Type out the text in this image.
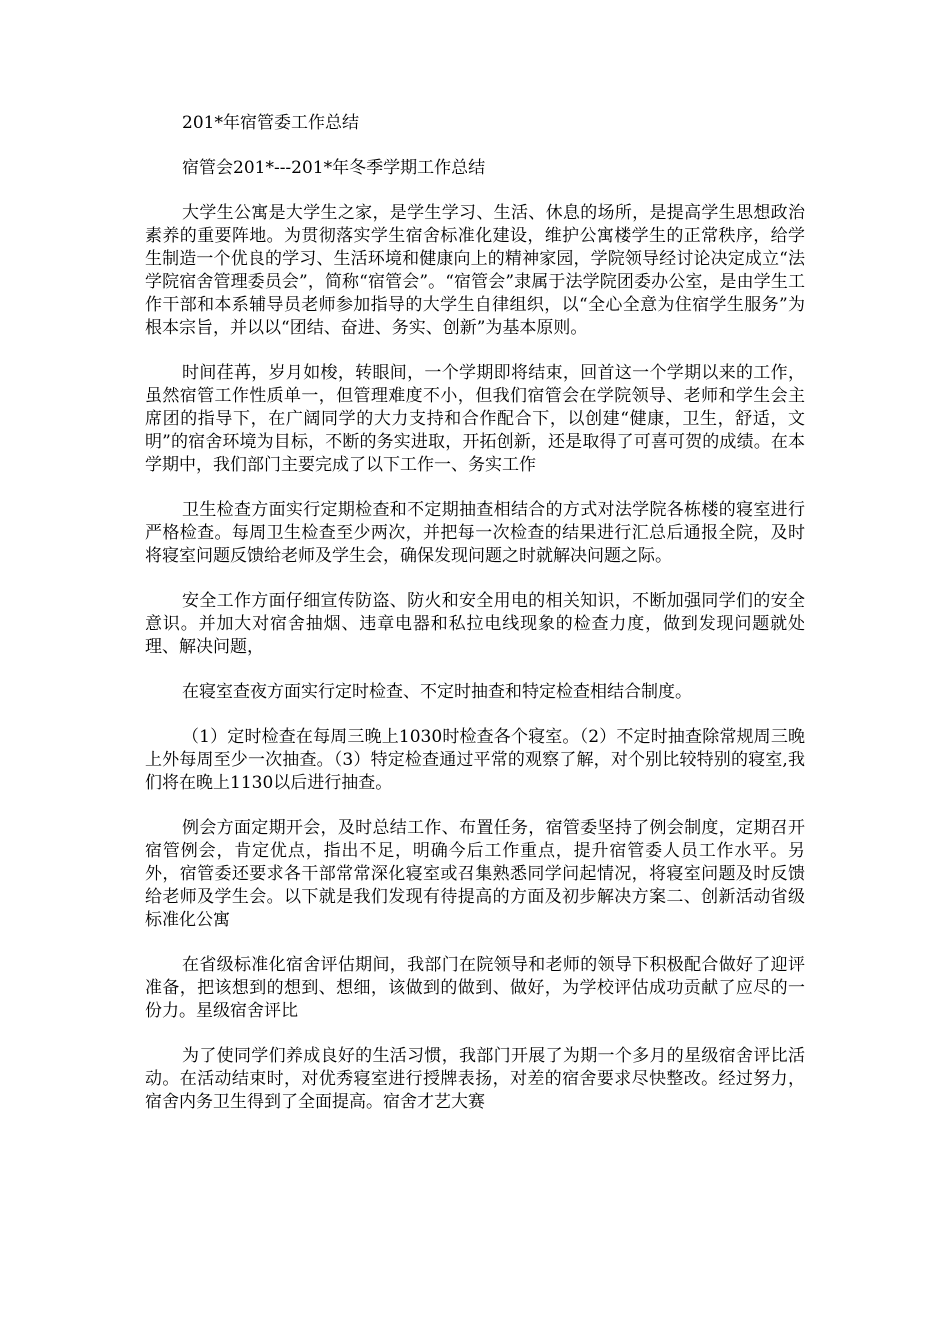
201*年宿管委工作总结

宿管会201*---201*年冬季学期工作总结

大学生公寓是大学生之家，是学生学习、生活、休息的场所，是提高学生思想政治素养的重要阵地。为贯彻落实学生宿舍标准化建设，维护公寓楼学生的正常秩序，给学生制造一个优良的学习、生活环境和健康向上的精神家园，学院领导经讨论决定成立“法学院宿舍管理委员会”，简称“宿管会”。“宿管会”隶属于法学院团委办公室，是由学生工作干部和本系辅导员老师参加指导的大学生自律组织，以“全心全意为住宿学生服务”为根本宗旨，并以以“团结、奋进、务实、创新”为基本原则。

时间荏苒，岁月如梭，转眼间，一个学期即将结束，回首这一个学期以来的工作，虽然宿管工作性质单一，但管理难度不小，但我们宿管会在学院领导、老师和学生会主席团的指导下，在广阔同学的大力支持和合作配合下，以创建“健康，卫生，舒适，文明”的宿舍环境为目标，不断的务实进取，开拓创新，还是取得了可喜可贺的成绩。在本学期中，我们部门主要完成了以下工作一、务实工作

卫生检查方面实行定期检查和不定期抽查相结合的方式对法学院各栋楼的寝室进行严格检查。每周卫生检查至少两次，并把每一次检查的结果进行汇总后通报全院，及时将寝室问题反馈给老师及学生会，确保发现问题之时就解决问题之际。

安全工作方面仔细宣传防盗、防火和安全用电的相关知识，不断加强同学们的安全意识。并加大对宿舍抽烟、违章电器和私拉电线现象的检查力度，做到发现问题就处理、解决问题，

在寝室查夜方面实行定时检查、不定时抽查和特定检查相结合制度。

（1）定时检查在每周三晚上1030时检查各个寝室。（2）不定时抽查除常规周三晚上外每周至少一次抽查。（3）特定检查通过平常的观察了解，对个别比较特别的寝室,我们将在晚上1130以后进行抽查。

例会方面定期开会，及时总结工作、布置任务，宿管委坚持了例会制度，定期召开宿管例会，肯定优点，指出不足，明确今后工作重点，提升宿管委人员工作水平。另外，宿管委还要求各干部常常深化寝室或召集熟悉同学问起情况，将寝室问题及时反馈给老师及学生会。以下就是我们发现有待提高的方面及初步解决方案二、创新活动省级标准化公寓

在省级标准化宿舍评估期间，我部门在院领导和老师的领导下积极配合做好了迎评准备，把该想到的想到、想细，该做到的做到、做好，为学校评估成功贡献了应尽的一份力。星级宿舍评比

为了使同学们养成良好的生活习惯，我部门开展了为期一个多月的星级宿舍评比活动。在活动结束时，对优秀寝室进行授牌表扬，对差的宿舍要求尽快整改。经过努力，宿舍内务卫生得到了全面提高。宿舍才艺大赛
